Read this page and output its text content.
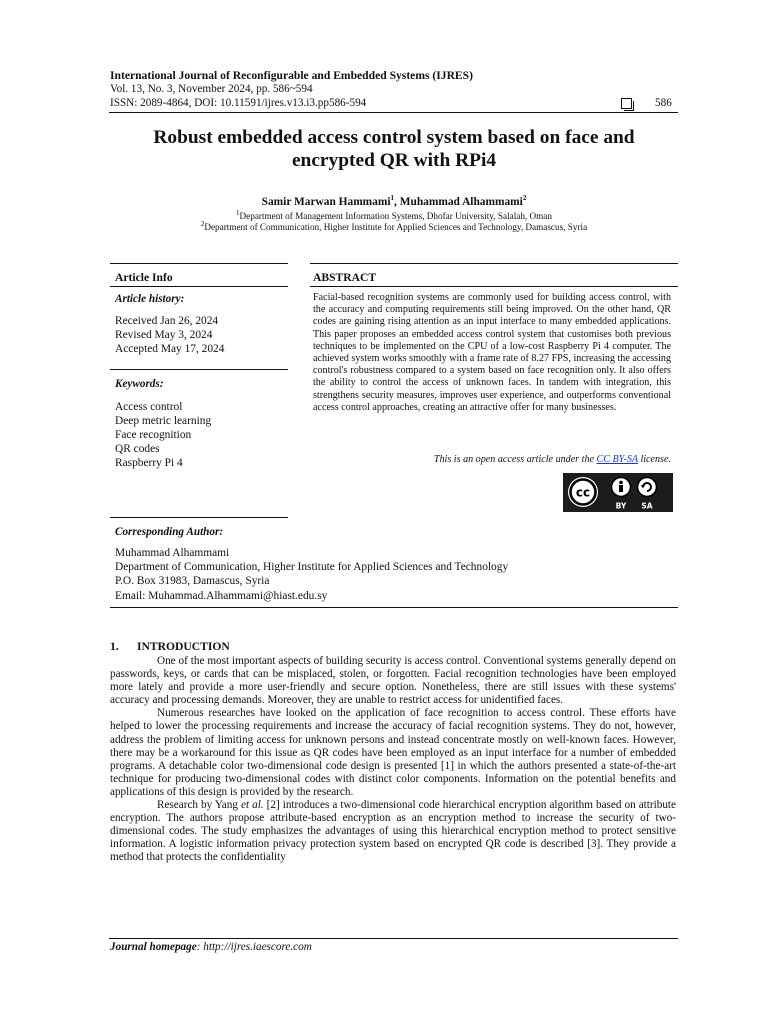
International Journal of Reconfigurable and Embedded Systems (IJRES)
Vol. 13, No. 3, November 2024, pp. 586~594
ISSN: 2089-4864, DOI: 10.11591/ijres.v13.i3.pp586-594	586
Robust embedded access control system based on face and
encrypted QR with RPi4
Samir Marwan Hammami$^1$, Muhammad Alhammami$^2$
$^1$Department of Management Information Systems, Dhofar University, Salalah, Oman
$^2$Department of Communication, Higher Institute for Applied Sciences and Technology, Damascus, Syria
Article Info
Article history:
Received Jan 26, 2024
Revised May 3, 2024
Accepted May 17, 2024
Keywords:
Access control
Deep metric learning
Face recognition
QR codes
Raspberry Pi 4
ABSTRACT
Facial-based recognition systems are commonly used for building access control, with the accuracy and computing requirements still being improved. On the other hand, QR codes are gaining rising attention as an input interface to many embedded applications. This paper proposes an embedded access control system that customises both previous techniques to be implemented on the CPU of a low-cost Raspberry Pi 4 computer. The achieved system works smoothly with a frame rate of 8.27 FPS, increasing the accessing control's robustness compared to a system based on face recognition only. It also offers the ability to control the access of unknown faces. In tandem with integration, this strengthens security measures, improves user experience, and outperforms conventional access control approaches, creating an attractive offer for many businesses.
This is an open access article under the CC BY-SA license.
cc
BY SA
Corresponding Author:
Muhammad Alhammami
Department of Communication, Higher Institute for Applied Sciences and Technology
P.O. Box 31983, Damascus, Syria
Email: Muhammad.Alhammami@hiast.edu.sy
1. INTRODUCTION

One of the most important aspects of building security is access control. Conventional systems generally depend on passwords, keys, or cards that can be misplaced, stolen, or forgotten. Facial recognition technologies have been employed more lately and provide a more user-friendly and secure option. Nonetheless, there are still issues with these systems' accuracy and processing demands. Moreover, they are unable to restrict access for unidentified faces.

Numerous researches have looked on the application of face recognition to access control. These efforts have helped to lower the processing requirements and increase the accuracy of facial recognition systems. They do not, however, address the problem of limiting access for unknown persons and instead concentrate mostly on well-known faces. However, there may be a workaround for this issue as QR codes have been employed as an input interface for a number of embedded programs. A detachable color two-dimensional code design is presented [1] in which the authors presented a state-of-the-art technique for producing two-dimensional codes with distinct color components. Information on the potential benefits and applications of this design is provided by the research.

Research by Yang et al. [2] introduces a two-dimensional code hierarchical encryption algorithm based on attribute encryption. The authors propose attribute-based encryption as an encryption method to increase the security of two-dimensional codes. The study emphasizes the advantages of using this hierarchical encryption method to protect sensitive information. A logistic information privacy protection system based on encrypted QR code is described [3]. They provide a method that protects the confidentiality

Journal homepage: http://ijres.iaescore.com
